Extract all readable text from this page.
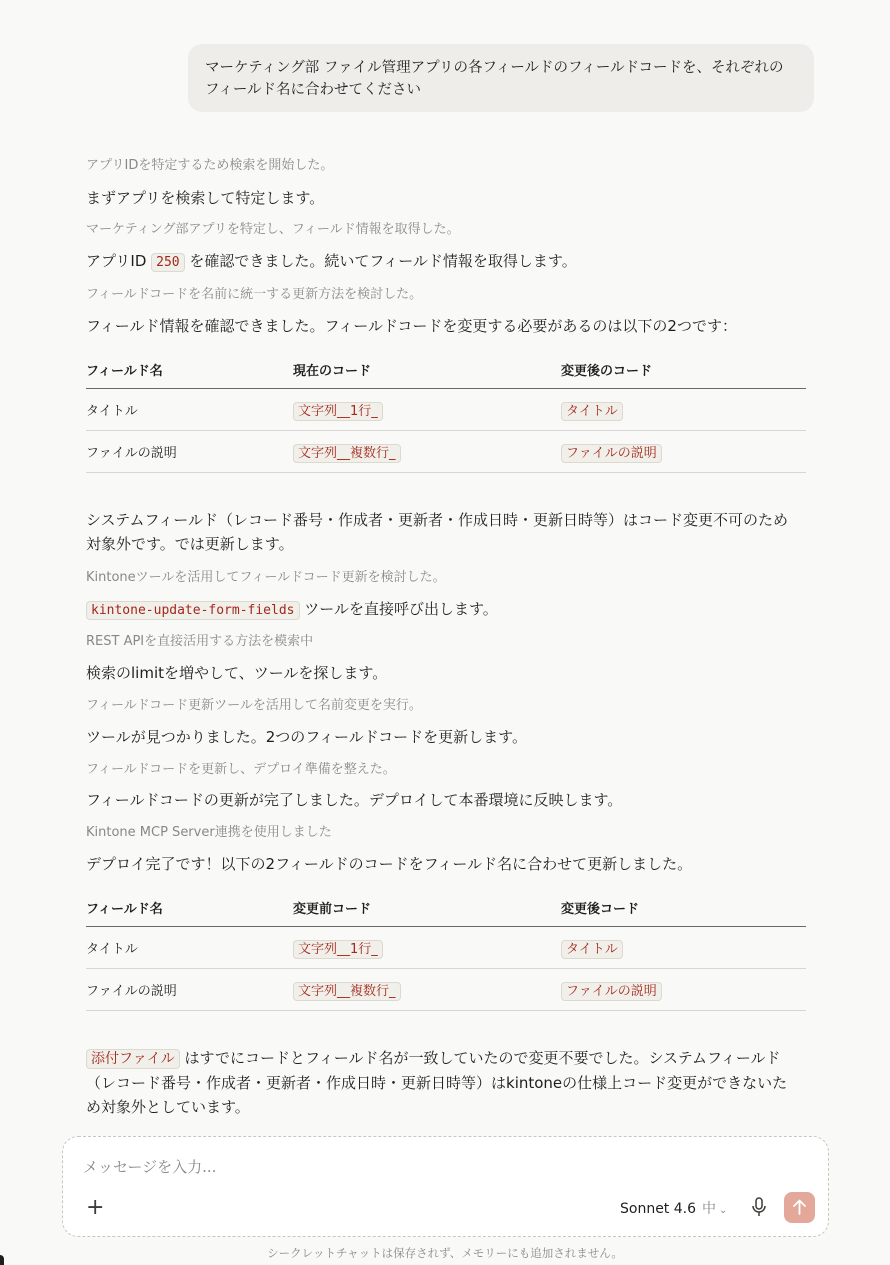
マーケティング部 ファイル管理アプリの各フィールドのフィールドコードを、それぞれのフィールド名に合わせてください
アプリIDを特定するため検索を開始した。
まずアプリを検索して特定します。
マーケティング部アプリを特定し、フィールド情報を取得した。
アプリID 250 を確認できました。続いてフィールド情報を取得します。
フィールドコードを名前に統一する更新方法を検討した。
フィールド情報を確認できました。フィールドコードを変更する必要があるのは以下の2つです：
フィールド名	現在のコード	変更後のコード
タイトル	文字列__1行_	タイトル
ファイルの説明	文字列__複数行_	ファイルの説明
システムフィールド（レコード番号・作成者・更新者・作成日時・更新日時等）はコード変更不可のため対象外です。では更新します。
Kintoneツールを活用してフィールドコード更新を検討した。
kintone-update-form-fields ツールを直接呼び出します。
REST APIを直接活用する方法を模索中
検索のlimitを増やして、ツールを探します。
フィールドコード更新ツールを活用して名前変更を実行。
ツールが見つかりました。2つのフィールドコードを更新します。
フィールドコードを更新し、デプロイ準備を整えた。
フィールドコードの更新が完了しました。デプロイして本番環境に反映します。
Kintone MCP Server連携を使用しました
デプロイ完了です！以下の2フィールドのコードをフィールド名に合わせて更新しました。
フィールド名	変更前コード	変更後コード
タイトル	文字列__1行_	タイトル
ファイルの説明	文字列__複数行_	ファイルの説明
添付ファイル はすでにコードとフィールド名が一致していたので変更不要でした。システムフィールド（レコード番号・作成者・更新者・作成日時・更新日時等）はkintoneの仕様上コード変更ができないため対象外としています。
メッセージを入力...
+	Sonnet 4.6 中 ⌄
シークレットチャットは保存されず、メモリーにも追加されません。
